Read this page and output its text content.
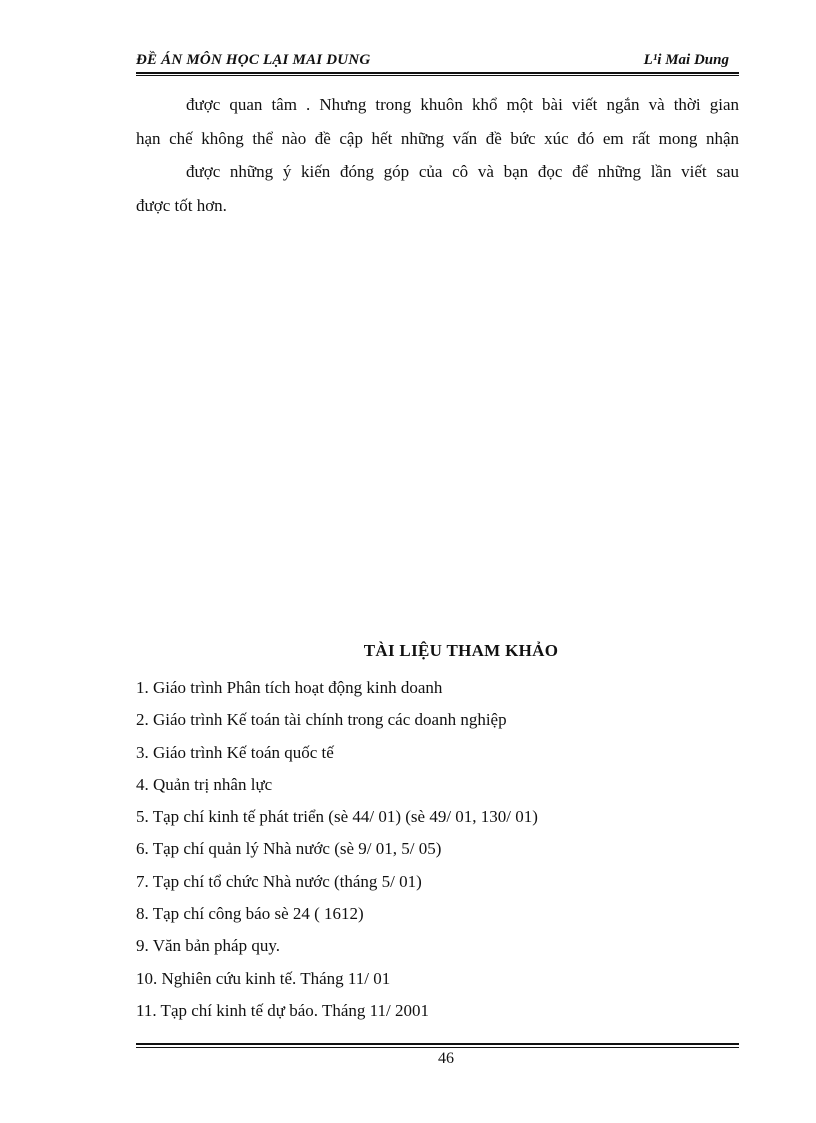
ĐỀ ÁN MÔN HỌC LẠI MAI DUNG	L¹i Mai Dung

được quan tâm . Nhưng trong khuôn khổ một bài viết ngắn và thời gian

hạn chế không thể nào đề cập hết những vấn đề bức xúc đó em rất mong nhận

được những ý kiến đóng góp của cô và bạn đọc để những lần viết sau

được tốt hơn.

TÀI LIỆU THAM KHẢO
1. Giáo trình Phân tích hoạt động kinh doanh
2. Giáo trình Kế toán tài chính trong các doanh nghiệp
3. Giáo trình Kế toán quốc tế
4. Quản trị nhân lực
5. Tạp chí kinh tế phát triển (sè 44/ 01) (sè 49/ 01, 130/ 01)
6. Tạp chí quản lý Nhà nước (sè 9/ 01, 5/ 05)
7. Tạp chí tổ chức Nhà nước (tháng 5/ 01)
8. Tạp chí công báo sè 24 ( 1612)
9. Văn bản pháp quy.
10. Nghiên cứu kinh tế. Tháng 11/ 01
11. Tạp chí kinh tế dự báo. Tháng 11/ 2001
46
